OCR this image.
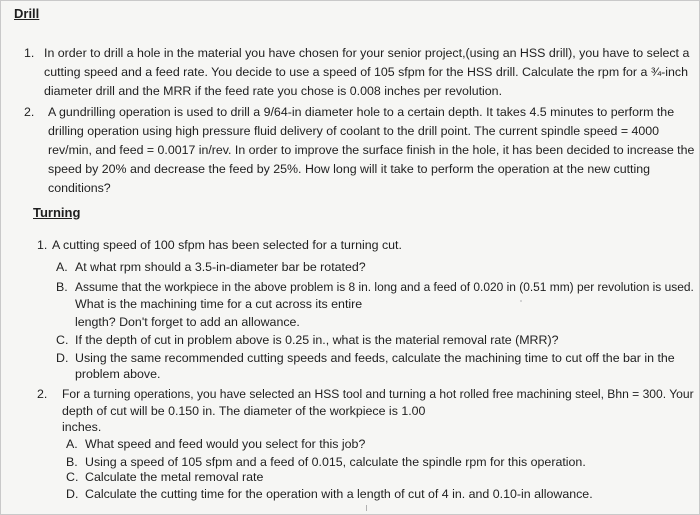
Drill
1. In order to drill a hole in the material you have chosen for your senior project,(using an HSS drill), you have to select a
cutting speed and a feed rate. You decide to use a speed of 105 sfpm for the HSS drill. Calculate the rpm for a ¾-inch
diameter drill and the MRR if the feed rate you chose is 0.008 inches per revolution.
2. A gundrilling operation is used to drill a 9/64-in diameter hole to a certain depth. It takes 4.5 minutes to perform the
drilling operation using high pressure fluid delivery of coolant to the drill point. The current spindle speed = 4000
rev/min, and feed = 0.0017 in/rev. In order to improve the surface finish in the hole, it has been decided to increase the
speed by 20% and decrease the feed by 25%. How long will it take to perform the operation at the new cutting
conditions?
Turning
1. A cutting speed of 100 sfpm has been selected for a turning cut.
A. At what rpm should a 3.5-in-diameter bar be rotated?
B. Assume that the workpiece in the above problem is 8 in. long and a feed of 0.020 in (0.51 mm) per revolution is used.
What is the machining time for a cut across its entire
length? Don't forget to add an allowance.
C. If the depth of cut in problem above is 0.25 in., what is the material removal rate (MRR)?
D. Using the same recommended cutting speeds and feeds, calculate the machining time to cut off the bar in the
problem above.
2. For a turning operations, you have selected an HSS tool and turning a hot rolled free machining steel, Bhn = 300. Your
depth of cut will be 0.150 in. The diameter of the workpiece is 1.00
inches.
A. What speed and feed would you select for this job?
B. Using a speed of 105 sfpm and a feed of 0.015, calculate the spindle rpm for this operation.
C. Calculate the metal removal rate
D. Calculate the cutting time for the operation with a length of cut of 4 in. and 0.10-in allowance.
